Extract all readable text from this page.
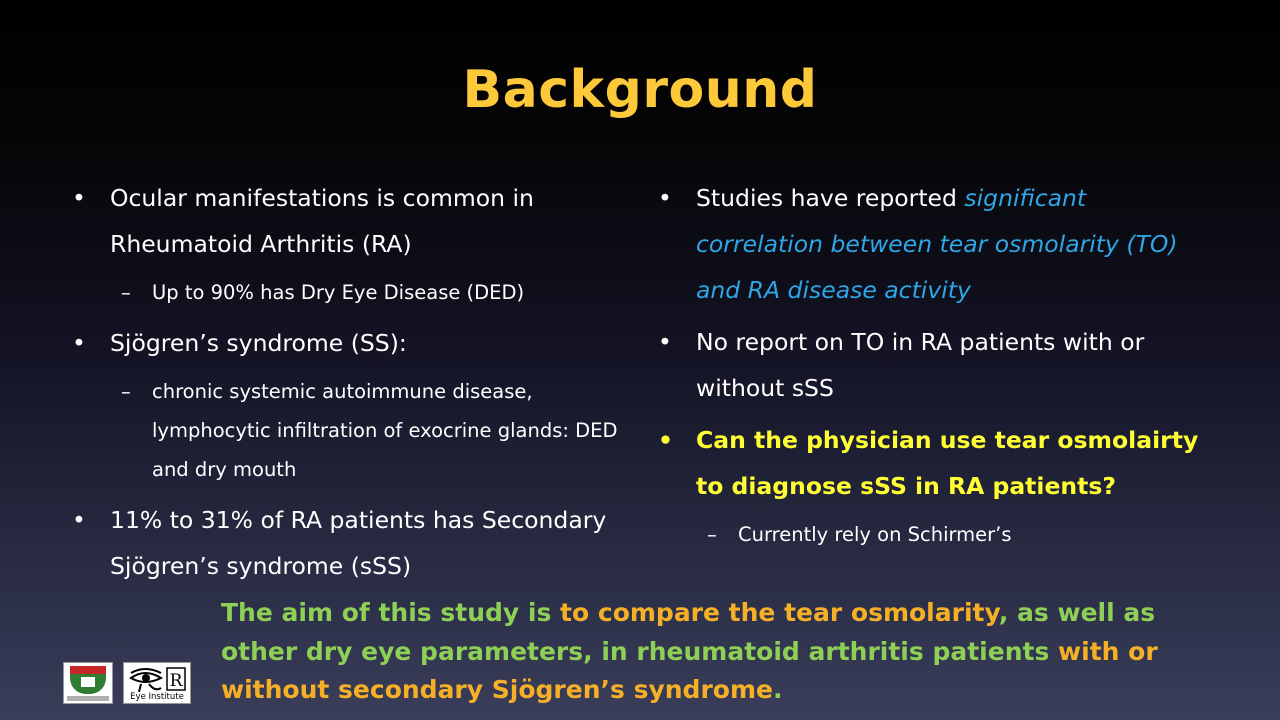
Background
• Ocular manifestations is common in Rheumatoid Arthritis (RA)
– Up to 90% has Dry Eye Disease (DED)
• Sjögren’s syndrome (SS):
– chronic systemic autoimmune disease, lymphocytic infiltration of exocrine glands: DED and dry mouth
• 11% to 31% of RA patients has Secondary Sjögren’s syndrome (sSS)
• Studies have reported significant correlation between tear osmolarity (TO) and RA disease activity
• No report on TO in RA patients with or without sSS
• Can the physician use tear osmolairty to diagnose sSS in RA patients?
– Currently rely on Schirmer’s
The aim of this study is to compare the tear osmolarity, as well as other dry eye parameters, in rheumatoid arthritis patients with or without secondary Sjögren’s syndrome.
R
Eye Institute
